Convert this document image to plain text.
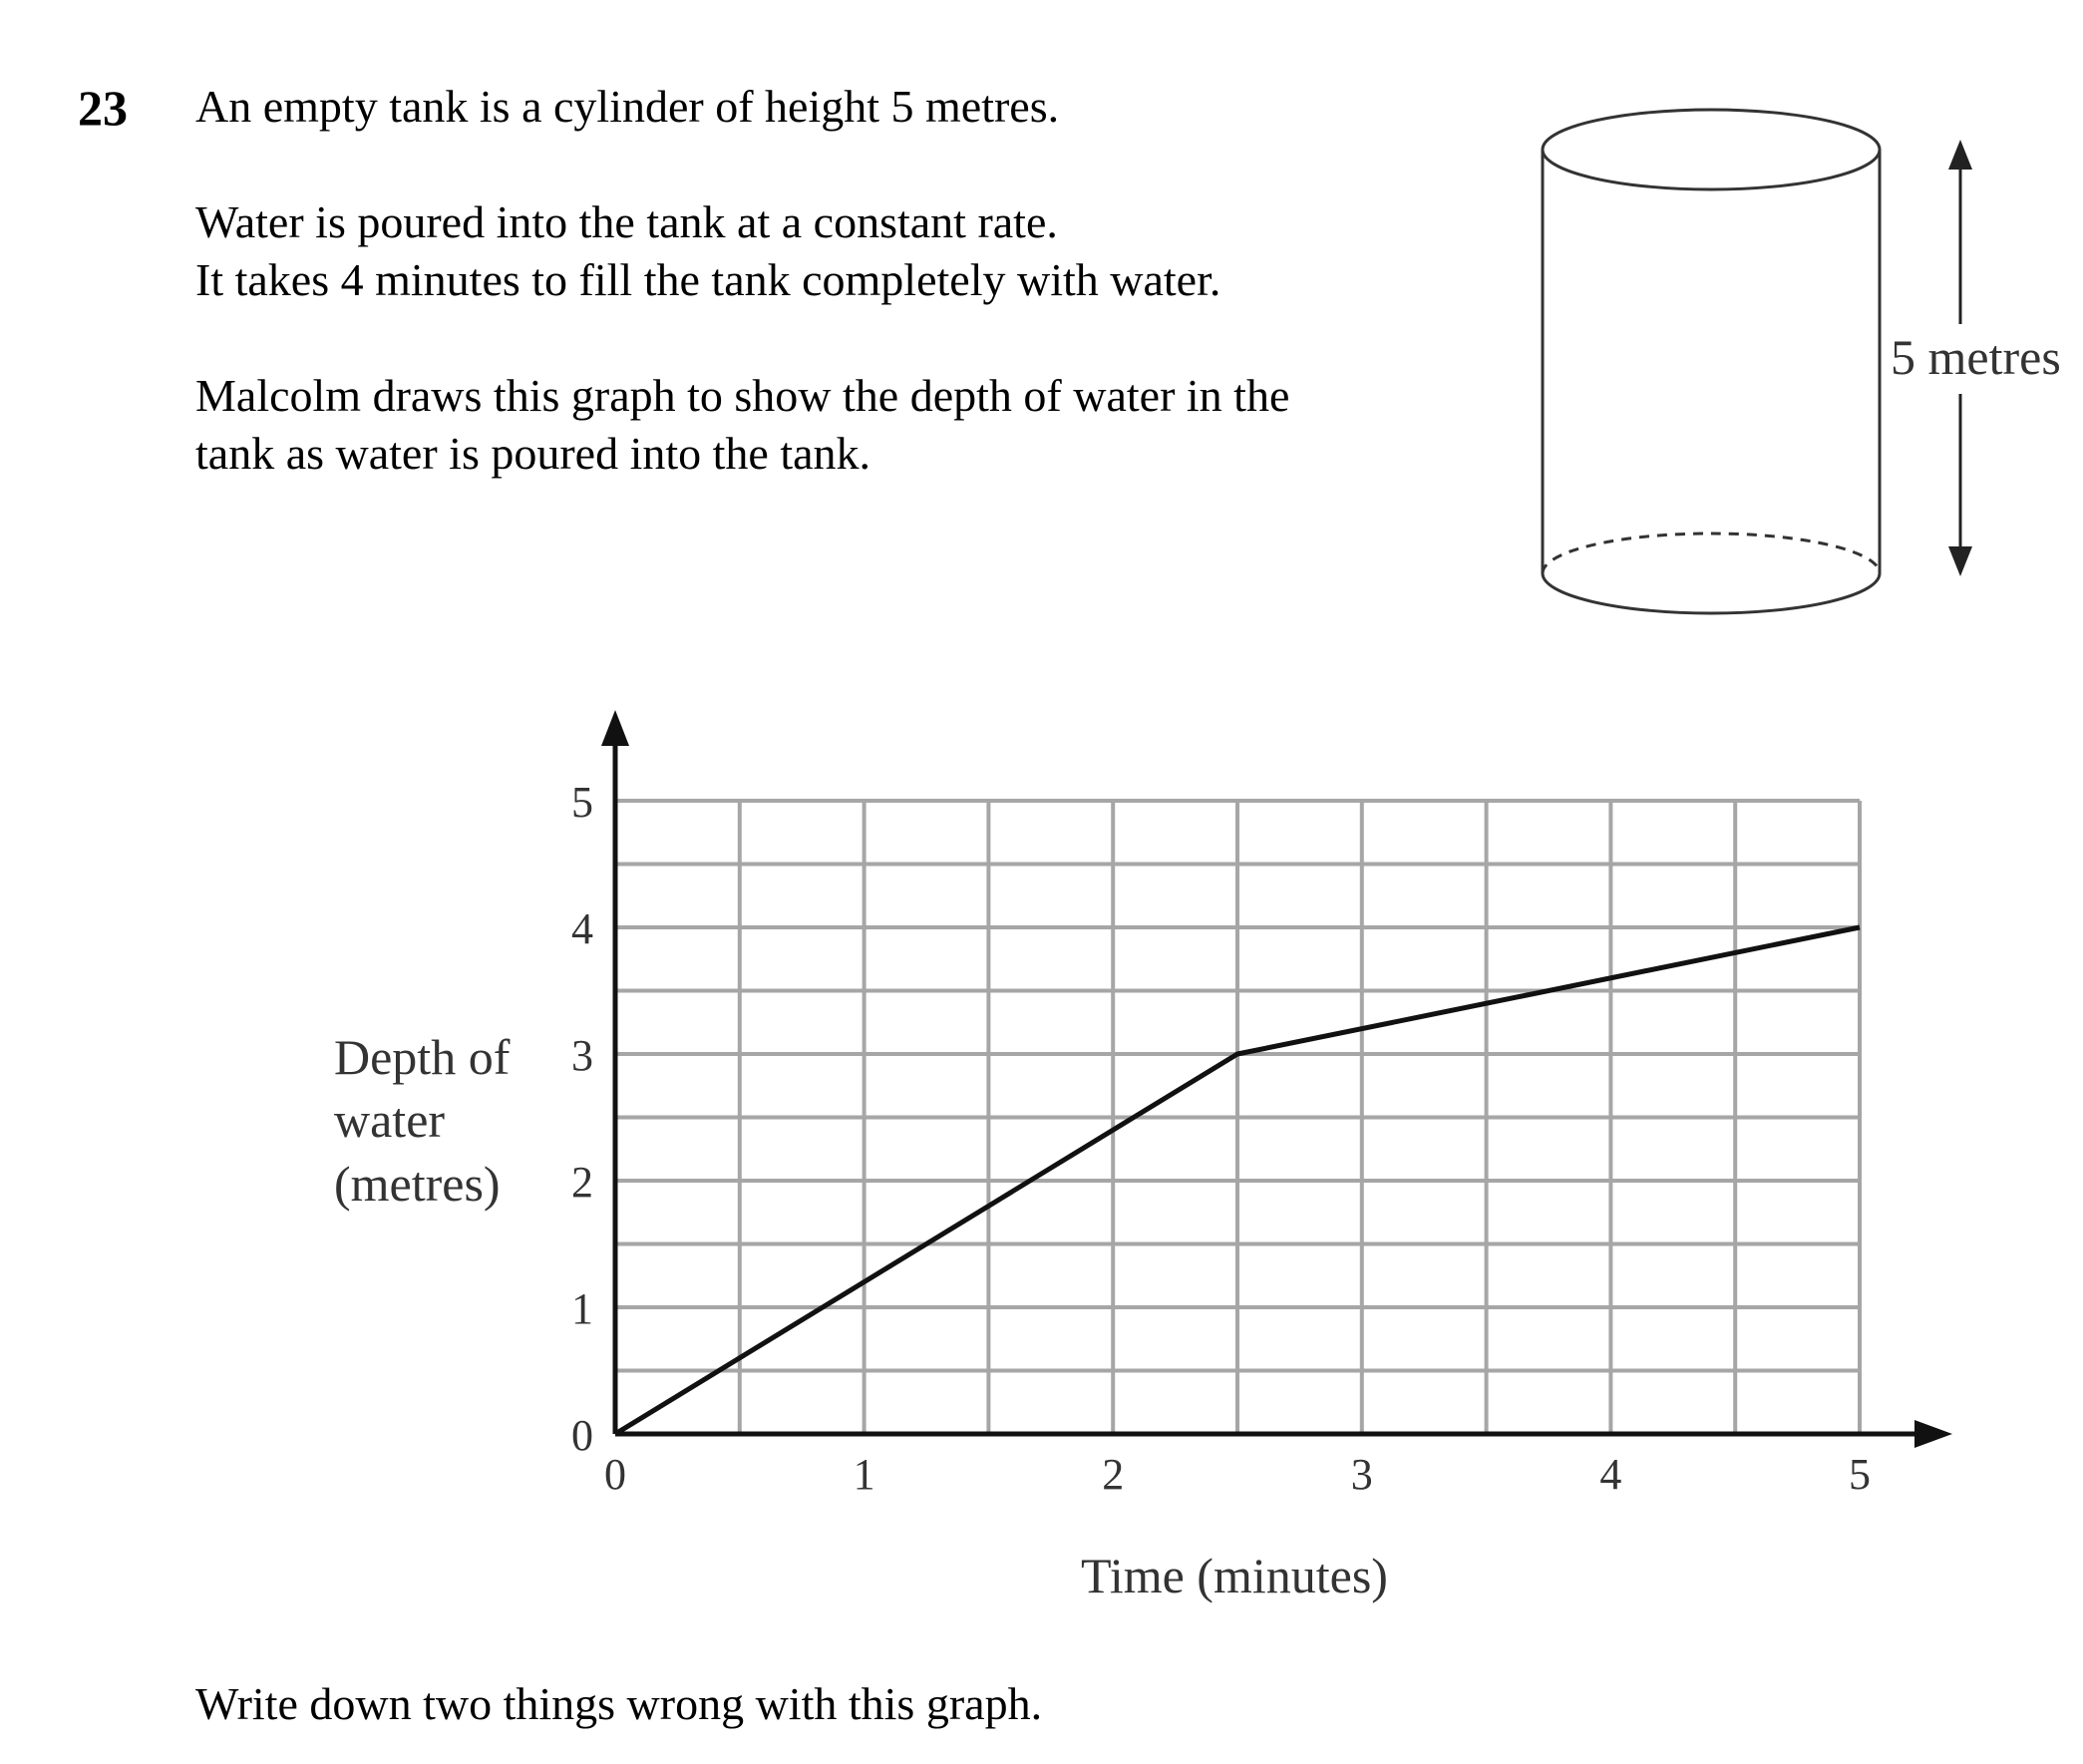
23 An empty tank is a cylinder of height 5 metres.
Water is poured into the tank at a constant rate.
It takes 4 minutes to fill the tank completely with water.
Malcolm draws this graph to show the depth of water in the
tank as water is poured into the tank.
5 metres
0	1	2	3	4	5
0
1
2
3
4
5
Depth of
water
(metres)
Time (minutes)
Write down two things wrong with this graph.
